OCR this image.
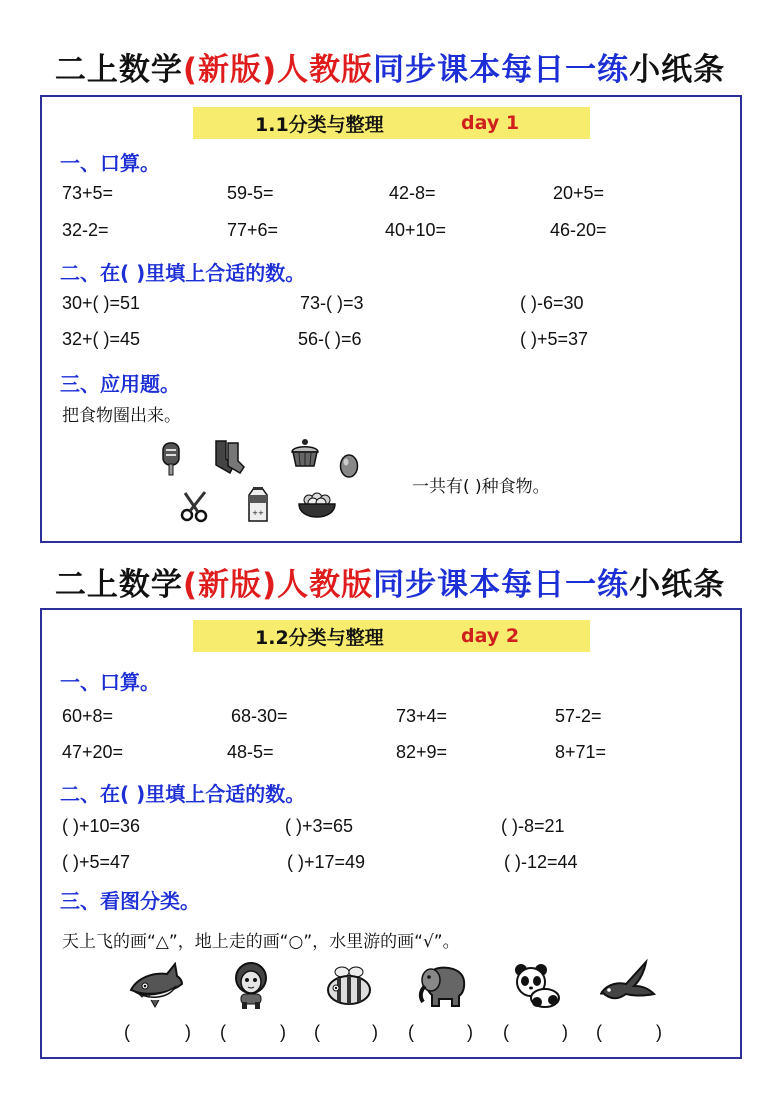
二上数学(新版)人教版同步课本每日一练小纸条
1.1分类与整理	day 1
一、口算。
73+5=	59-5=	42-8=	20+5=
32-2=	77+6=	40+10=	46-20=
二、在( )里填上合适的数。
30+( )=51	73-( )=3	( )-6=30
32+( )=45	56-( )=6	( )+5=37
三、应用题。
把食物圈出来。
++
一共有( )种食物。
二上数学(新版)人教版同步课本每日一练小纸条
1.2分类与整理	day 2
一、口算。
60+8=	68-30=	73+4=	57-2=
47+20=	48-5=	82+9=	8+71=
二、在( )里填上合适的数。
( )+10=36	( )+3=65	( )-8=21
( )+5=47	( )+17=49	( )-12=44
三、看图分类。
天上飞的画“△”，地上走的画“○”，水里游的画“√”。
(	) (	) (	) (	) (	) (	)
